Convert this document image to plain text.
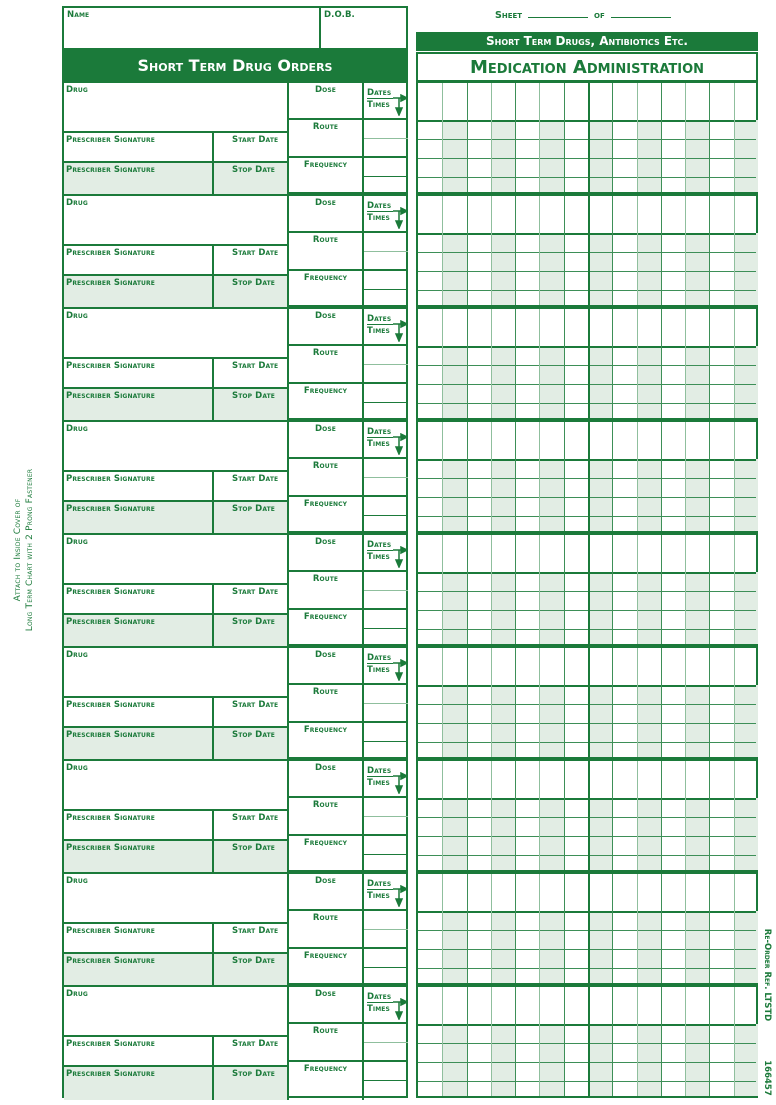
Attach to Inside Cover of Long Term Chart with 2 Prong Fastener
Name	D.O.B.
Short Term Drug Orders
Sheet	of
Short Term Drugs, Antibiotics Etc.
Medication Administration
Drug
Prescriber Signature	Start Date
Prescriber Signature	Stop Date
Dose
Route
Frequency
Dates
Times
Drug
Prescriber Signature	Start Date
Prescriber Signature	Stop Date
Dose
Route
Frequency
Dates
Times
Drug
Prescriber Signature	Start Date
Prescriber Signature	Stop Date
Dose
Route
Frequency
Dates
Times
Drug
Prescriber Signature	Start Date
Prescriber Signature	Stop Date
Dose
Route
Frequency
Dates
Times
Drug
Prescriber Signature	Start Date
Prescriber Signature	Stop Date
Dose
Route
Frequency
Dates
Times
Drug
Prescriber Signature	Start Date
Prescriber Signature	Stop Date
Dose
Route
Frequency
Dates
Times
Drug
Prescriber Signature	Start Date
Prescriber Signature	Stop Date
Dose
Route
Frequency
Dates
Times
Drug
Prescriber Signature	Start Date
Prescriber Signature	Stop Date
Dose
Route
Frequency
Dates
Times
Drug
Prescriber Signature	Start Date
Prescriber Signature	Stop Date
Dose
Route
Frequency
Dates
Times	Re-Order Ref. LTSTD
166457
